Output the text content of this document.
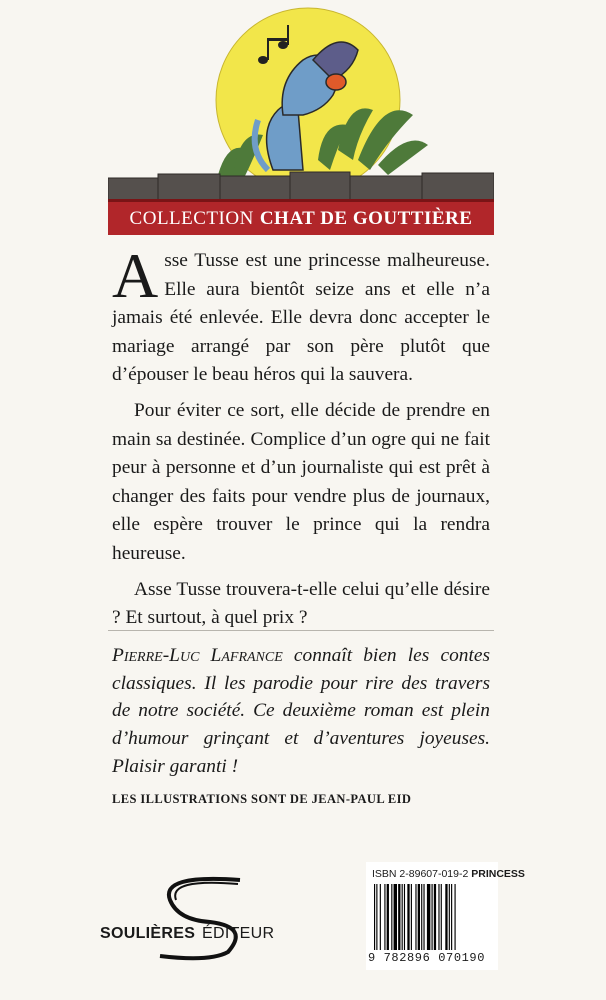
COLLECTION CHAT DE GOUTTIÈRE

Asse Tusse est une princesse malheureuse. Elle aura bientôt seize ans et elle n’a jamais été enlevée. Elle devra donc accepter le mariage arrangé par son père plutôt que d’épouser le beau héros qui la sauvera.

Pour éviter ce sort, elle décide de prendre en main sa destinée. Complice d’un ogre qui ne fait peur à personne et d’un journaliste qui est prêt à changer des faits pour vendre plus de journaux, elle espère trouver le prince qui la rendra heureuse.

Asse Tusse trouvera-t-elle celui qu’elle désire ? Et surtout, à quel prix ?

Pierre-Luc Lafrance connaît bien les contes classiques. Il les parodie pour rire des travers de notre société. Ce deuxième roman est plein d’humour grinçant et d’aventures joyeuses. Plaisir garanti !
LES ILLUSTRATIONS SONT DE JEAN-PAUL EID
SOULIÈRES ÉDITEUR
ISBN 2-89607-019-2 PRINCESS
9 782896 070190
